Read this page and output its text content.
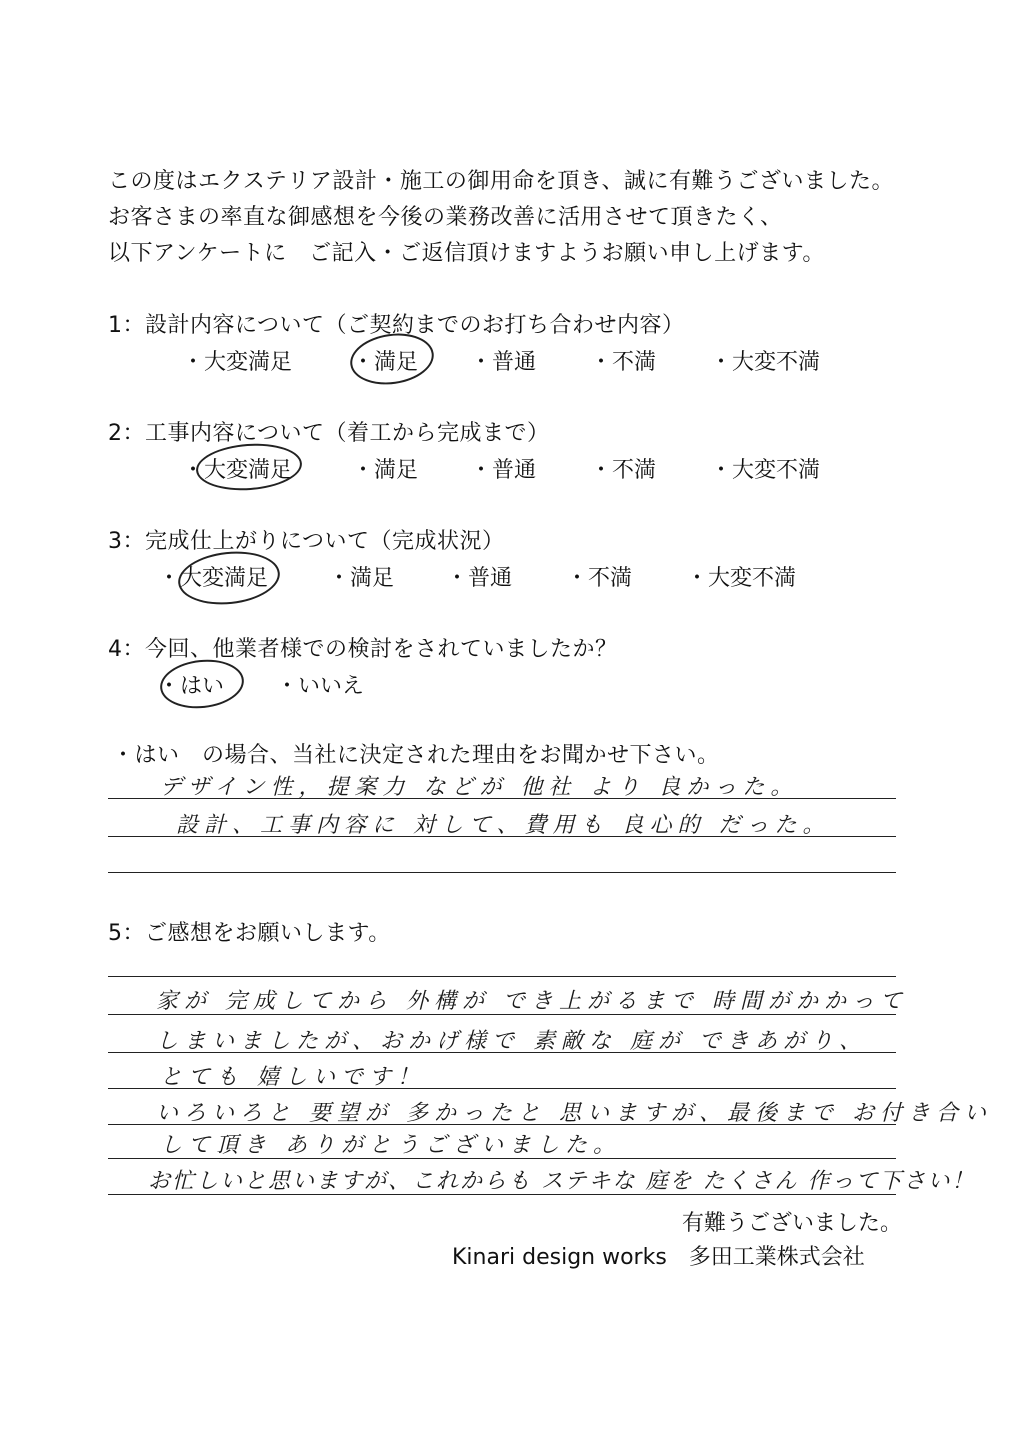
この度はエクステリア設計・施工の御用命を頂き、誠に有難うございました。
お客さまの率直な御感想を今後の業務改善に活用させて頂きたく、
以下アンケートに　ご記入・ご返信頂けますようお願い申し上げます。
1：設計内容について（ご契約までのお打ち合わせ内容）
・大変満足	・満足 ・普通 ・不満 ・大変不満
2：工事内容について（着工から完成まで）
・大変満足	・満足 ・普通 ・不満 ・大変不満
3：完成仕上がりについて（完成状況）
・大変満足	・満足 ・普通 ・不満 ・大変不満
4：今回、他業者様での検討をされていましたか？
・はい ・いいえ
・はい　の場合、当社に決定された理由をお聞かせ下さい。
デザイン性，提案力 などが 他社 より 良かった。
設計、工事内容に 対して、費用も 良心的 だった。
5：ご感想をお願いします。
家が 完成してから 外構が でき上がるまで 時間がかかって
しまいましたが、おかげ様で 素敵な 庭が できあがり、
とても 嬉しいです！
いろいろと 要望が 多かったと 思いますが、最後まで お付き合い
して頂き ありがとうございました。
お忙しいと思いますが、これからも ステキな 庭を たくさん 作って下さい！
有難うございました。
Kinari design works　多田工業株式会社
